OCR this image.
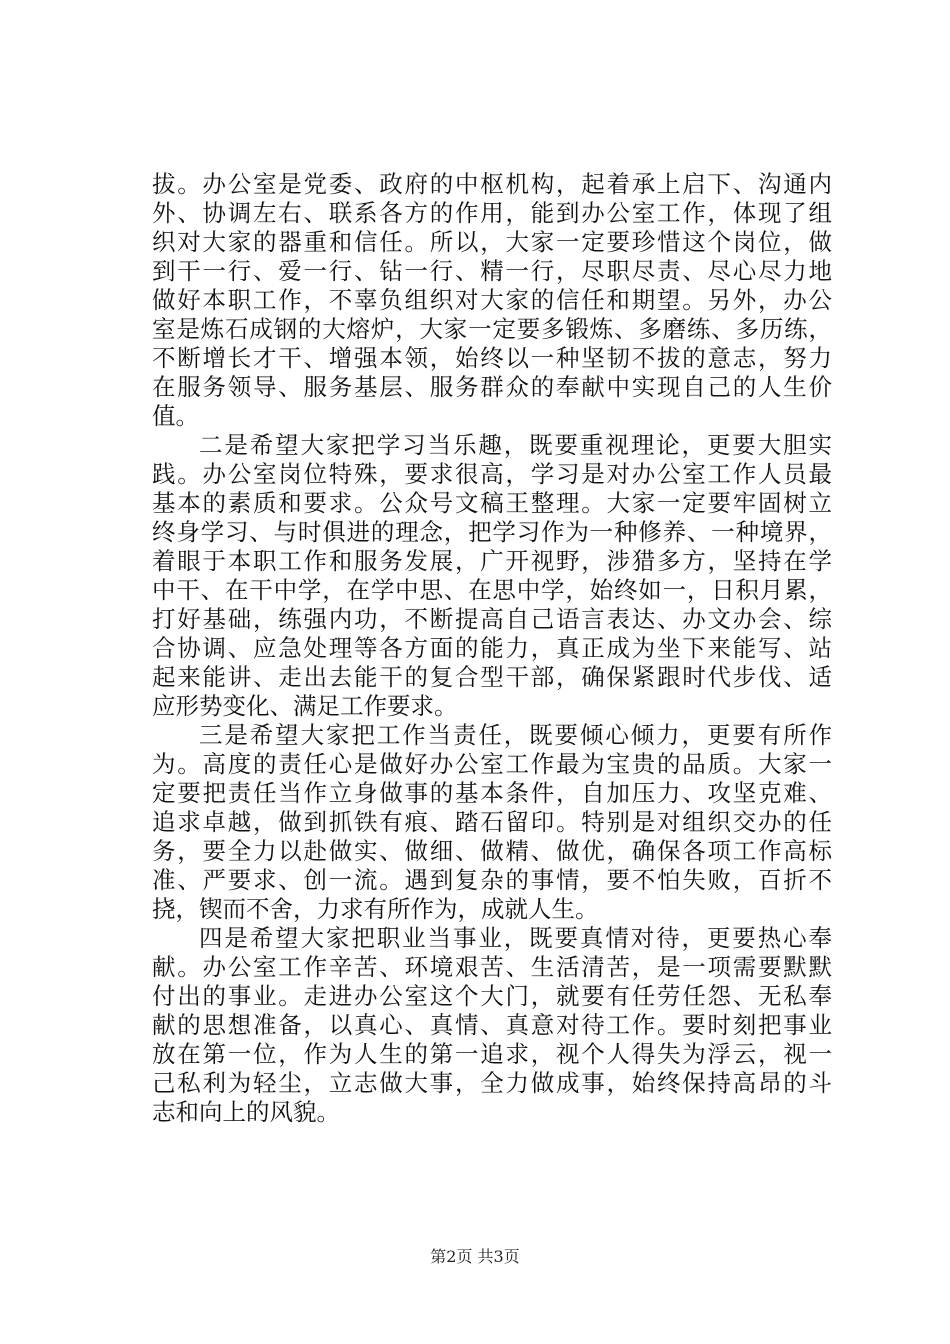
拔。办公室是党委、政府的中枢机构，起着承上启下、沟通内
外、协调左右、联系各方的作用，能到办公室工作，体现了组
织对大家的器重和信任。所以，大家一定要珍惜这个岗位，做
到干一行、爱一行、钻一行、精一行，尽职尽责、尽心尽力地
做好本职工作，不辜负组织对大家的信任和期望。另外，办公
室是炼石成钢的大熔炉，大家一定要多锻炼、多磨练、多历练，
不断增长才干、增强本领，始终以一种坚韧不拔的意志，努力
在服务领导、服务基层、服务群众的奉献中实现自己的人生价
值。
二是希望大家把学习当乐趣，既要重视理论，更要大胆实
践。办公室岗位特殊，要求很高，学习是对办公室工作人员最
基本的素质和要求。公众号文稿王整理。大家一定要牢固树立
终身学习、与时俱进的理念，把学习作为一种修养、一种境界，
着眼于本职工作和服务发展，广开视野，涉猎多方，坚持在学
中干、在干中学，在学中思、在思中学，始终如一，日积月累，
打好基础，练强内功，不断提高自己语言表达、办文办会、综
合协调、应急处理等各方面的能力，真正成为坐下来能写、站
起来能讲、走出去能干的复合型干部，确保紧跟时代步伐、适
应形势变化、满足工作要求。
三是希望大家把工作当责任，既要倾心倾力，更要有所作
为。高度的责任心是做好办公室工作最为宝贵的品质。大家一
定要把责任当作立身做事的基本条件，自加压力、攻坚克难、
追求卓越，做到抓铁有痕、踏石留印。特别是对组织交办的任
务，要全力以赴做实、做细、做精、做优，确保各项工作高标
准、严要求、创一流。遇到复杂的事情，要不怕失败，百折不
挠，锲而不舍，力求有所作为，成就人生。
四是希望大家把职业当事业，既要真情对待，更要热心奉
献。办公室工作辛苦、环境艰苦、生活清苦，是一项需要默默
付出的事业。走进办公室这个大门，就要有任劳任怨、无私奉
献的思想准备，以真心、真情、真意对待工作。要时刻把事业
放在第一位，作为人生的第一追求，视个人得失为浮云，视一
己私利为轻尘，立志做大事，全力做成事，始终保持高昂的斗
志和向上的风貌。
第2页 共3页
